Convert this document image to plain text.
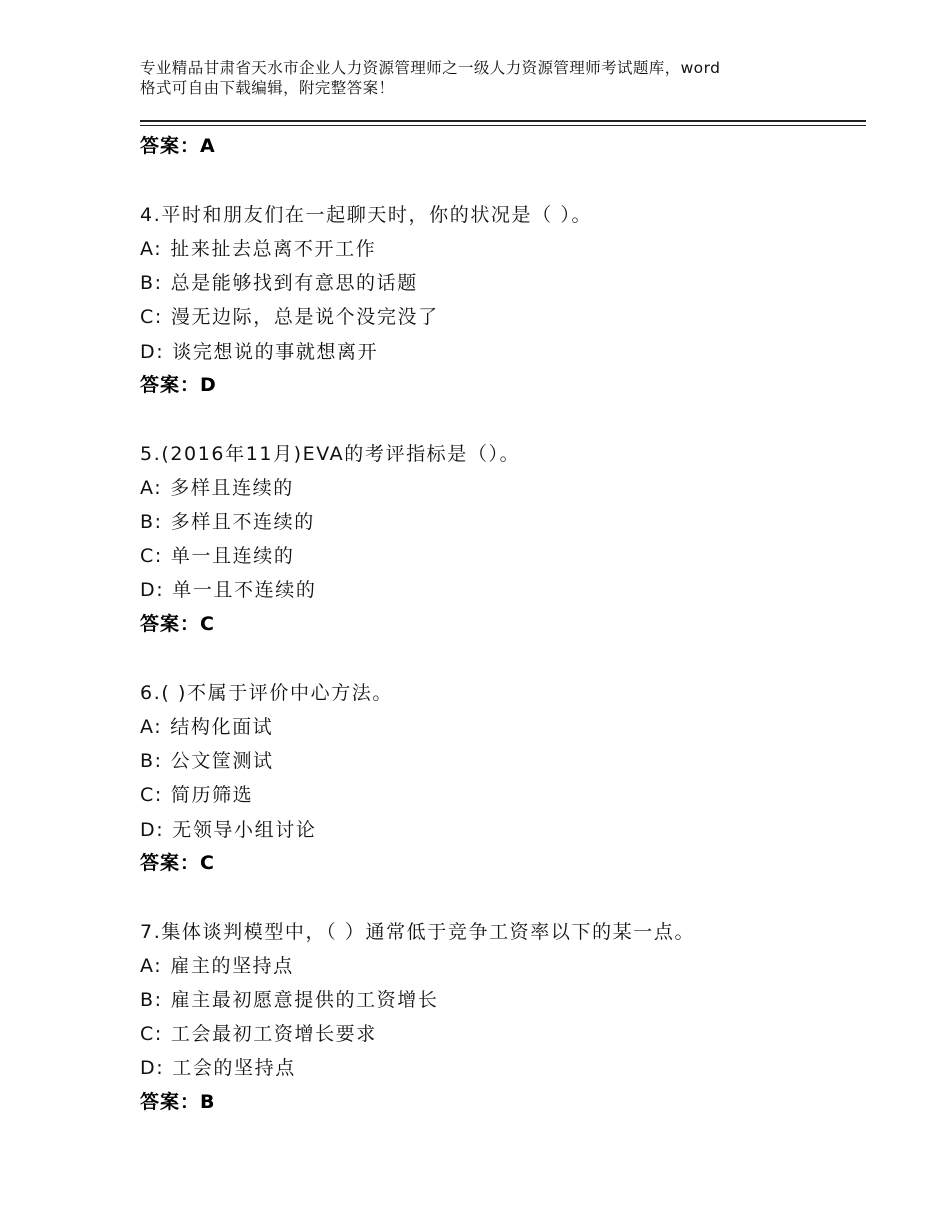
专业精品甘肃省天水市企业人力资源管理师之一级人力资源管理师考试题库，word
格式可自由下载编辑，附完整答案！
答案：A
4.平时和朋友们在一起聊天时，你的状况是（ ）。
A: 扯来扯去总离不开工作
B: 总是能够找到有意思的话题
C: 漫无边际，总是说个没完没了
D: 谈完想说的事就想离开
答案：D
5.(2016年11月)EVA的考评指标是（）。
A: 多样且连续的
B: 多样且不连续的
C: 单一且连续的
D: 单一且不连续的
答案：C
6.( )不属于评价中心方法。
A: 结构化面试
B: 公文筐测试
C: 简历筛选
D: 无领导小组讨论
答案：C
7.集体谈判模型中，（ ）通常低于竞争工资率以下的某一点。
A: 雇主的坚持点
B: 雇主最初愿意提供的工资增长
C: 工会最初工资增长要求
D: 工会的坚持点
答案：B
